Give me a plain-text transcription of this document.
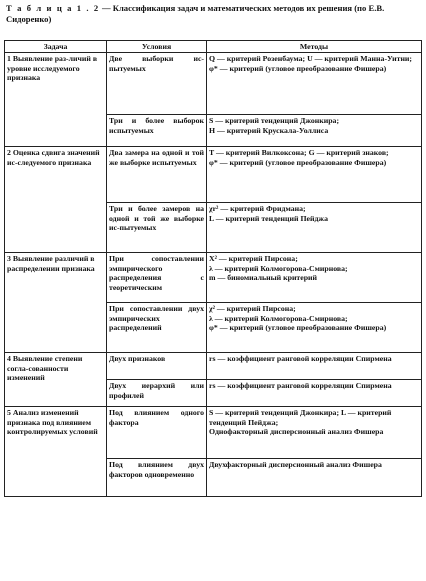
Т а б л и ц а 1 . 2 — Классификация задач и математических методов их решения (по Е.В. Сидоренко)
Задача	Условия	Методы
1 Выявление раз-личий в уровне исследуемого признака	Две выборки ис-пытуемых	Q — критерий Розенбаума; U — критерий Манна-Уитни;
φ* — критерий (угловое преобразование Фишера)

	Три и более выборок испытуемых	S — критерий тенденций Джонкира;
H — критерий Крускала-Уоллиса

2 Оценка сдвига значений ис-следуемого признака	Два замера на одной и той же выборке испытуемых	T — критерий Вилкоксона; G — критерий знаков;
φ* — критерий (угловое преобразование Фишера)

	Три и более замеров на одной и той же выборке ис-пытуемых	χr² — критерий Фридмана;
L — критерий тенденций Пейджа

3 Выявление различий в распределении признака	При сопоставлении эмпирического распределения с теоретическим	Χ² — критерий Пирсона;
λ — критерий Колмогорова-Смирнова;
m — биномиальный критерий

	При сопоставлении двух эмпирических распределений	χ² — критерий Пирсона;
λ — критерий Колмогорова-Смирнова;
φ* — критерий (угловое преобразование Фишера)

4 Выявление степени согла-сованности изменений	Двух признаков	rs — коэффициент ранговой корреляции Спирмена

	Двух иерархий или профилей	rs — коэффициент ранговой корреляции Спирмена

5 Анализ изменений признака под влиянием контролируемых условий	Под влиянием одного фактора	S — критерий тенденций Джонкира; L — критерий тенденций Пейджа;
Однофакторный дисперсионный анализ Фишера

	Под влиянием двух факторов одновременно	Двухфакторный дисперсионный анализ Фишера
